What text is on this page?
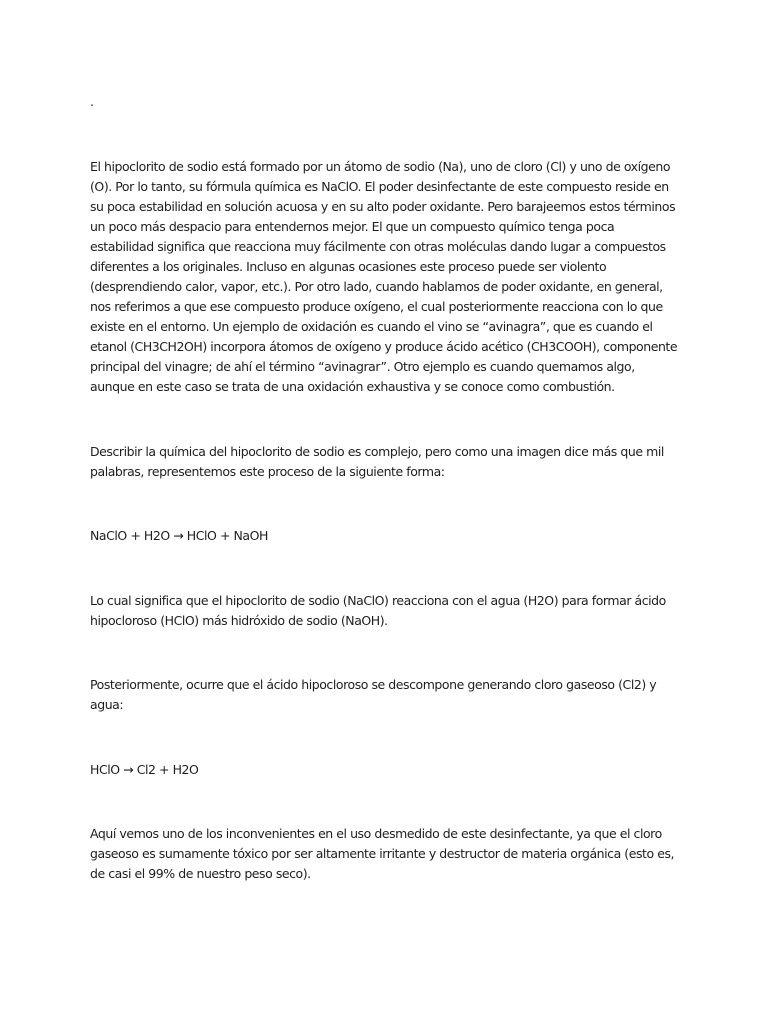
.

El hipoclorito de sodio está formado por un átomo de sodio (Na), uno de cloro (Cl) y uno de oxígeno (O). Por lo tanto, su fórmula química es NaClO. El poder desinfectante de este compuesto reside en su poca estabilidad en solución acuosa y en su alto poder oxidante. Pero barajeemos estos términos un poco más despacio para entendernos mejor. El que un compuesto químico tenga poca estabilidad significa que reacciona muy fácilmente con otras moléculas dando lugar a compuestos diferentes a los originales. Incluso en algunas ocasiones este proceso puede ser violento (desprendiendo calor, vapor, etc.). Por otro lado, cuando hablamos de poder oxidante, en general, nos referimos a que ese compuesto produce oxígeno, el cual posteriormente reacciona con lo que existe en el entorno. Un ejemplo de oxidación es cuando el vino se “avinagra”, que es cuando el etanol (CH3CH2OH) incorpora átomos de oxígeno y produce ácido acético (CH3COOH), componente principal del vinagre; de ahí el término “avinagrar”. Otro ejemplo es cuando quemamos algo, aunque en este caso se trata de una oxidación exhaustiva y se conoce como combustión.

Describir la química del hipoclorito de sodio es complejo, pero como una imagen dice más que mil palabras, representemos este proceso de la siguiente forma:

NaClO + H2O → HClO + NaOH

Lo cual significa que el hipoclorito de sodio (NaClO) reacciona con el agua (H2O) para formar ácido hipocloroso (HClO) más hidróxido de sodio (NaOH).

Posteriormente, ocurre que el ácido hipocloroso se descompone generando cloro gaseoso (Cl2) y agua:

HClO → Cl2 + H2O

Aquí vemos uno de los inconvenientes en el uso desmedido de este desinfectante, ya que el cloro gaseoso es sumamente tóxico por ser altamente irritante y destructor de materia orgánica (esto es, de casi el 99% de nuestro peso seco).
